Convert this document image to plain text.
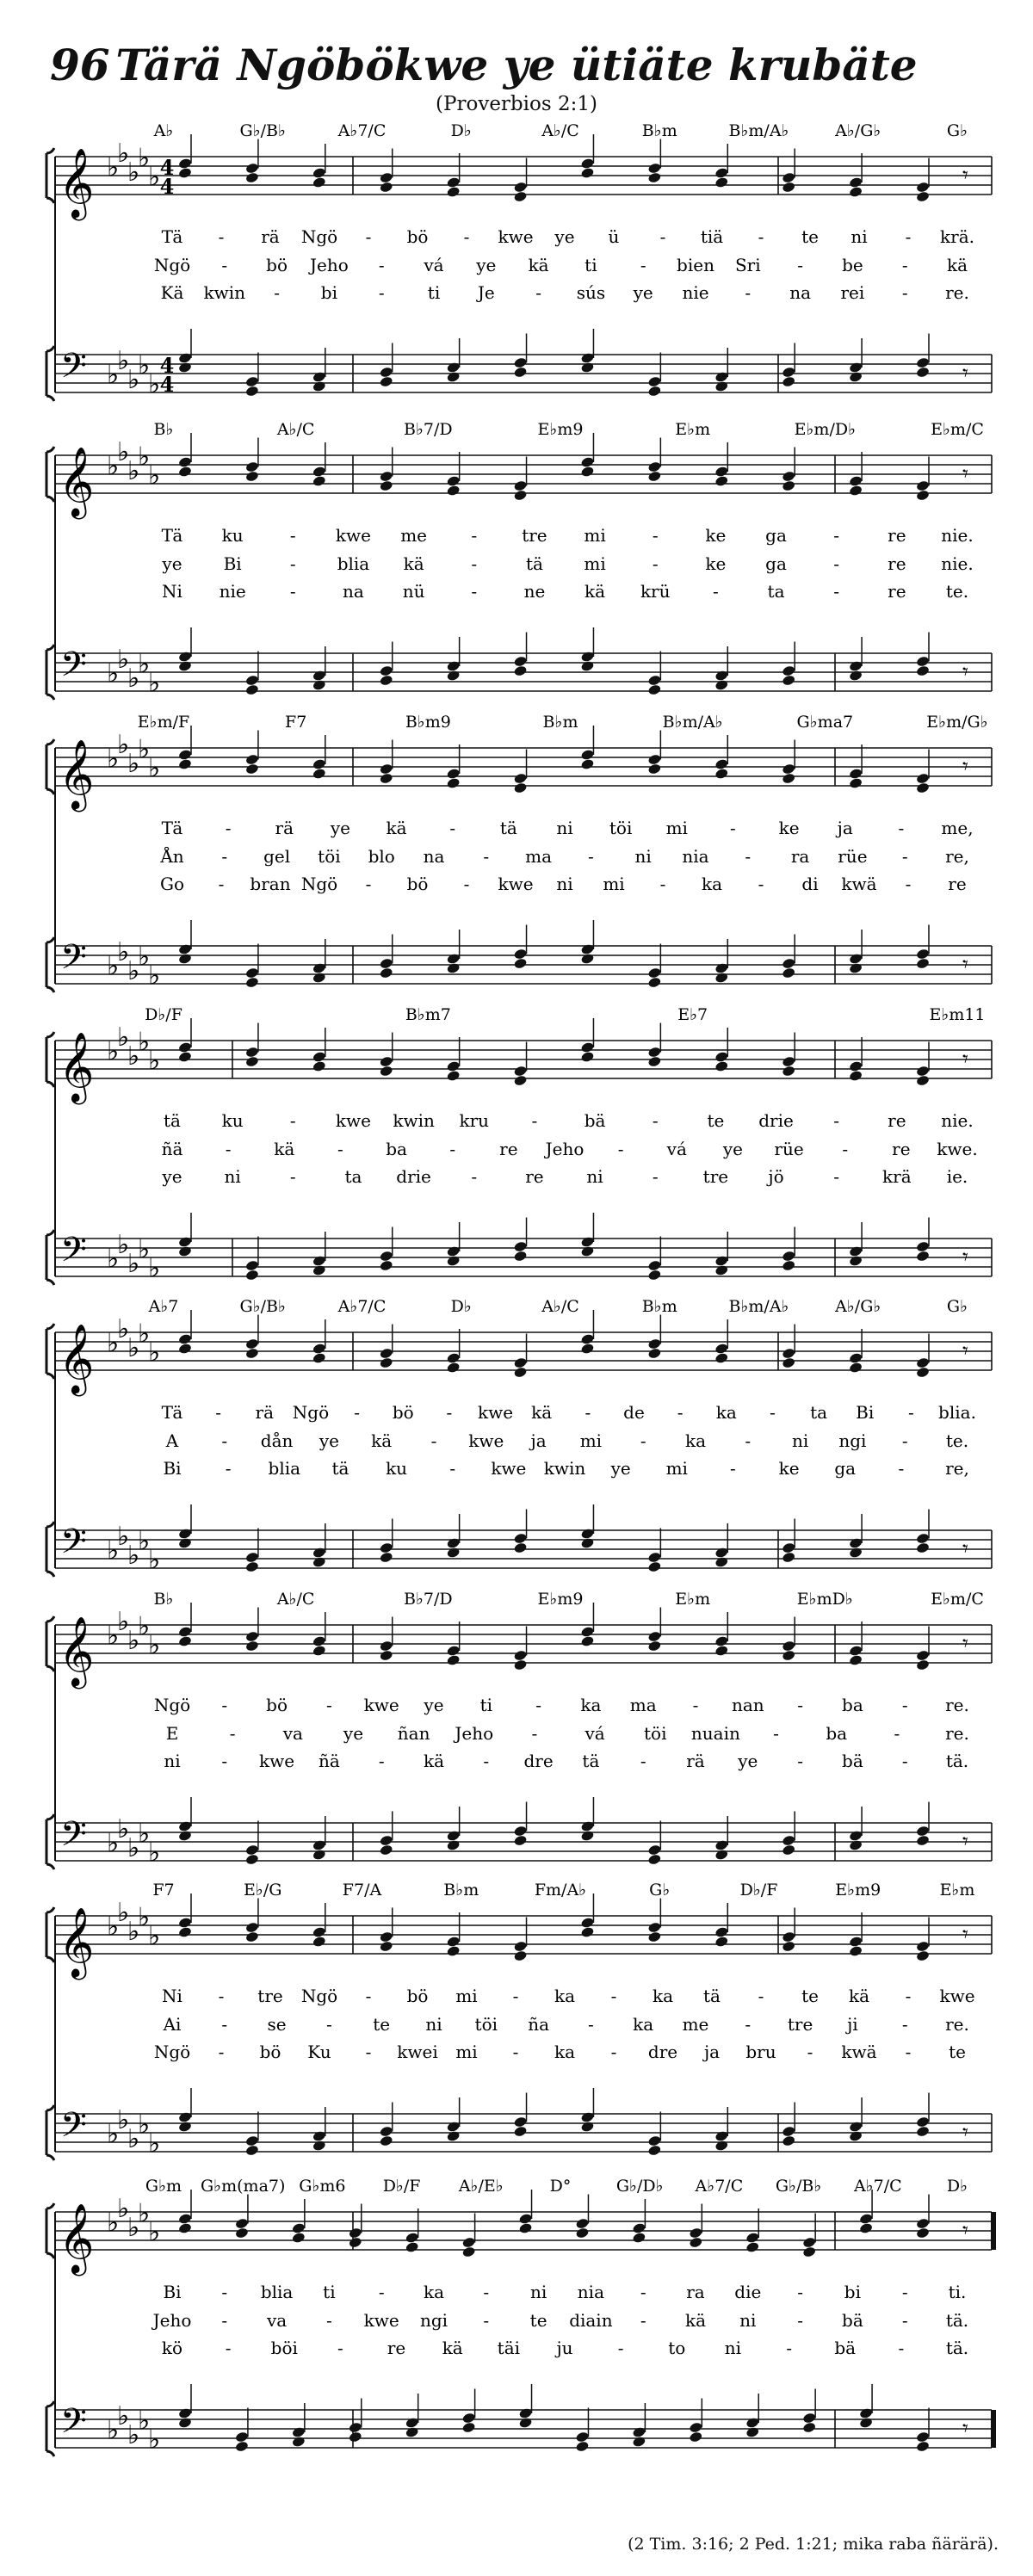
96 Tärä Ngöbökwe ye ütiäte krubäte
(Proverbios 2:1)
𝄞
𝄢
♭
♭
♭
♭
♭
♭
♭
♭
♭
♭
4
4
4
4
A♭	G♭/B♭	A♭7/C	D♭	A♭/C	B♭m	B♭m/A♭	A♭/G♭	G♭
𝄾
𝄾
Tä - rä Ngö - bö - kwe ye ü - tiä - te ni - krä.
Ngö - bö Jeho - vá ye kä ti	- bien Sri - be - kä
Kä kwin - bi -	ti Je - sús ye nie - na rei - re.
𝄞
𝄢
♭
♭
♭
♭
♭
♭
♭
♭
♭
♭
B♭	A♭/C	B♭7/D	E♭m9	E♭m	E♭m/D♭	E♭m/C
𝄾
𝄾
Tä ku	- kwe me	-	tre mi	-	ke ga	-	re nie.
ye Bi	- blia kä	-	tä mi	-	ke ga	-	re nie.
Ni nie	-	na nü	-	ne kä krü -	ta	-	re te.
𝄞
𝄢
♭
♭
♭
♭
♭
♭
♭
♭
♭
♭
E♭m/F	F7	B♭m9	B♭m	B♭m/A♭	G♭ma7	E♭m/G♭
𝄾
𝄾
Tä -	rä ye kä -	tä ni töi mi - ke ja	- me,
Ån - gel töi blo na - ma - ni nia - ra rüe - re,
Go - bran Ngö - bö - kwe ni mi - ka - di kwä - re
𝄞
𝄢
♭
♭
♭
♭
♭
♭
♭
♭
♭
♭
D♭/F	B♭m7	E♭7	E♭m11
𝄾
𝄾
tä ku	- kwe kwin kru -	bä	-	te drie -	re nie.
ñä - kä - ba -	re Jeho -	vá ye rüe -	re kwe.
ye ni	-	ta drie -	re ni	-	tre jö	- krä ie.
𝄞
𝄢
♭
♭
♭
♭
♭
♭
♭
♭
♭
♭
A♭7	G♭/B♭	A♭7/C	D♭	A♭/C	B♭m	B♭m/A♭	A♭/G♭	G♭
𝄾
𝄾
Tä - rä Ngö - bö - kwe kä - de - ka - ta Bi - blia.
A	- dån ye kä - kwe ja mi - ka - ni ngi - te.
Bi	- blia tä ku - kwe kwin ye mi - ke ga - re,
𝄞
𝄢
♭
♭
♭
♭
♭
♭
♭
♭
♭
♭
B♭	A♭/C	B♭7/D	E♭m9	E♭m	E♭mD♭	E♭m/C
𝄾
𝄾
Ngö - bö - kwe ye ti	- ka ma - nan - ba - re.
E	-	va ye ñan Jeho -	vá töi nuain -	ba	-	re.
ni - kwe ñä - kä - dre tä - rä ye - bä - tä.
𝄞
𝄢
♭
♭
♭
♭
♭
♭
♭
♭
♭
♭
F7	E♭/G	F7/A	B♭m	Fm/A♭	G♭	D♭/F	E♭m9	E♭m
𝄾
𝄾
Ni - tre Ngö - bö mi - ka - ka tä - te kä - kwe
Ai - se - te ni töi ña - ka me - tre ji	- re.
Ngö - bö Ku - kwei mi - ka - dre ja bru - kwä - te
𝄞
𝄢
♭
♭
♭
♭
♭
♭
♭
♭
♭
♭
G♭m G♭m(ma7) G♭m6 D♭/F A♭/E♭	D°	G♭/D♭ A♭7/C G♭/B♭ A♭7/C	D♭
𝄾
𝄾
Bi - blia ti	- ka - ni nia - ra die - bi - ti.
Jeho - va - kwe ngi - te diain - kä ni - bä - tä.
kö - böi -	re kä täi ju	-	to ni	- bä - tä.
(2 Tim. 3:16; 2 Ped. 1:21; mika raba ñärärä).
